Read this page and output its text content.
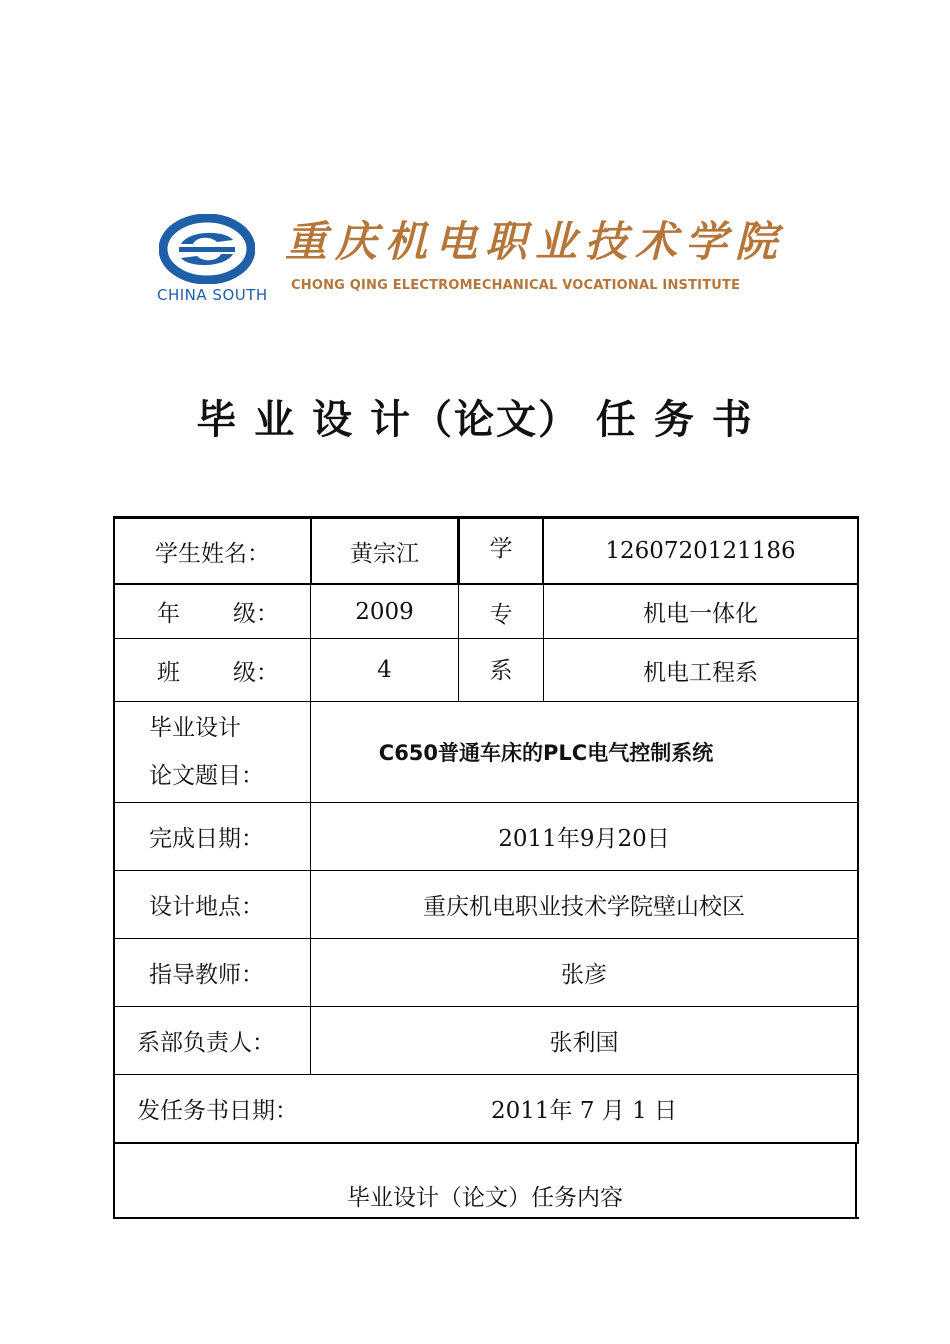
CHINA SOUTH
重庆机电职业技术学院
CHONG QING ELECTROMECHANICAL VOCATIONAL INSTITUTE
毕 业 设 计（论文） 任 务 书
学生姓名：	黄宗江	学	1260720121186
年	级：	2009	专	机电一体化
班	级：	4	系	机电工程系
毕业设计
论文题目：
C650普通车床的PLC电气控制系统
完成日期：	2011年9月20日
设计地点：	重庆机电职业技术学院壁山校区
指导教师：	张彦
系部负责人：	张利国
发任务书日期：	2011年 7 月 1 日
毕业设计（论文）任务内容
